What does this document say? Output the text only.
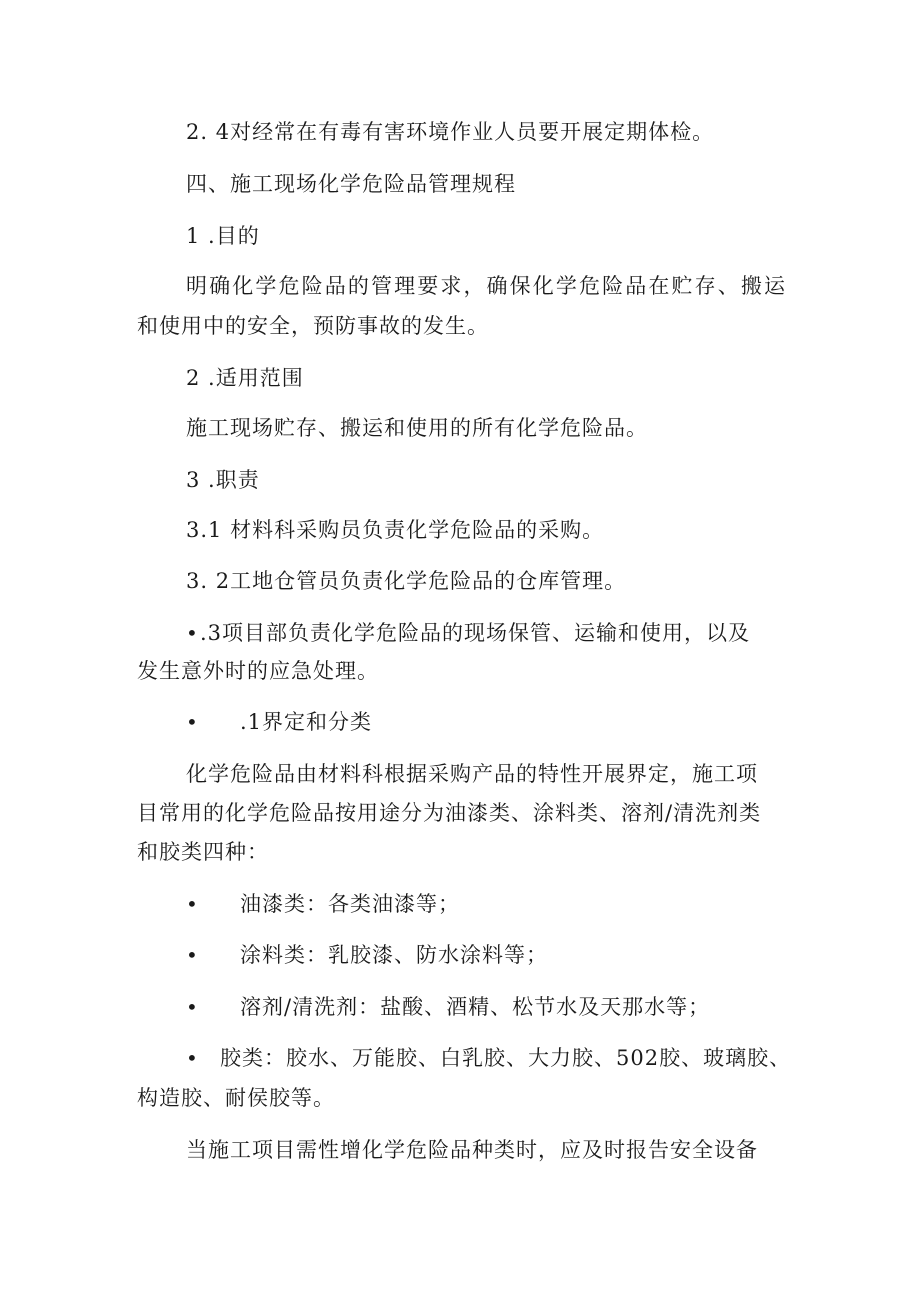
2. 4对经常在有毒有害环境作业人员要开展定期体检。
四、施工现场化学危险品管理规程
1 .目的
明确化学危险品的管理要求，确保化学危险品在贮存、搬运
和使用中的安全，预防事故的发生。
2 .适用范围
施工现场贮存、搬运和使用的所有化学危险品。
3 .职责
3.1 材料科采购员负责化学危险品的采购。
3. 2工地仓管员负责化学危险品的仓库管理。
• .3项目部负责化学危险品的现场保管、运输和使用，以及
发生意外时的应急处理。
• .1界定和分类
化学危险品由材料科根据采购产品的特性开展界定，施工项
目常用的化学危险品按用途分为油漆类、涂料类、溶剂/清洗剂类
和胶类四种：
• 油漆类：各类油漆等；
• 涂料类：乳胶漆、防水涂料等；
• 溶剂/清洗剂：盐酸、酒精、松节水及天那水等；
• 胶类：胶水、万能胶、白乳胶、大力胶、502胶、玻璃胶、
构造胶、耐侯胶等。
当施工项目需性增化学危险品种类时，应及时报告安全设备
